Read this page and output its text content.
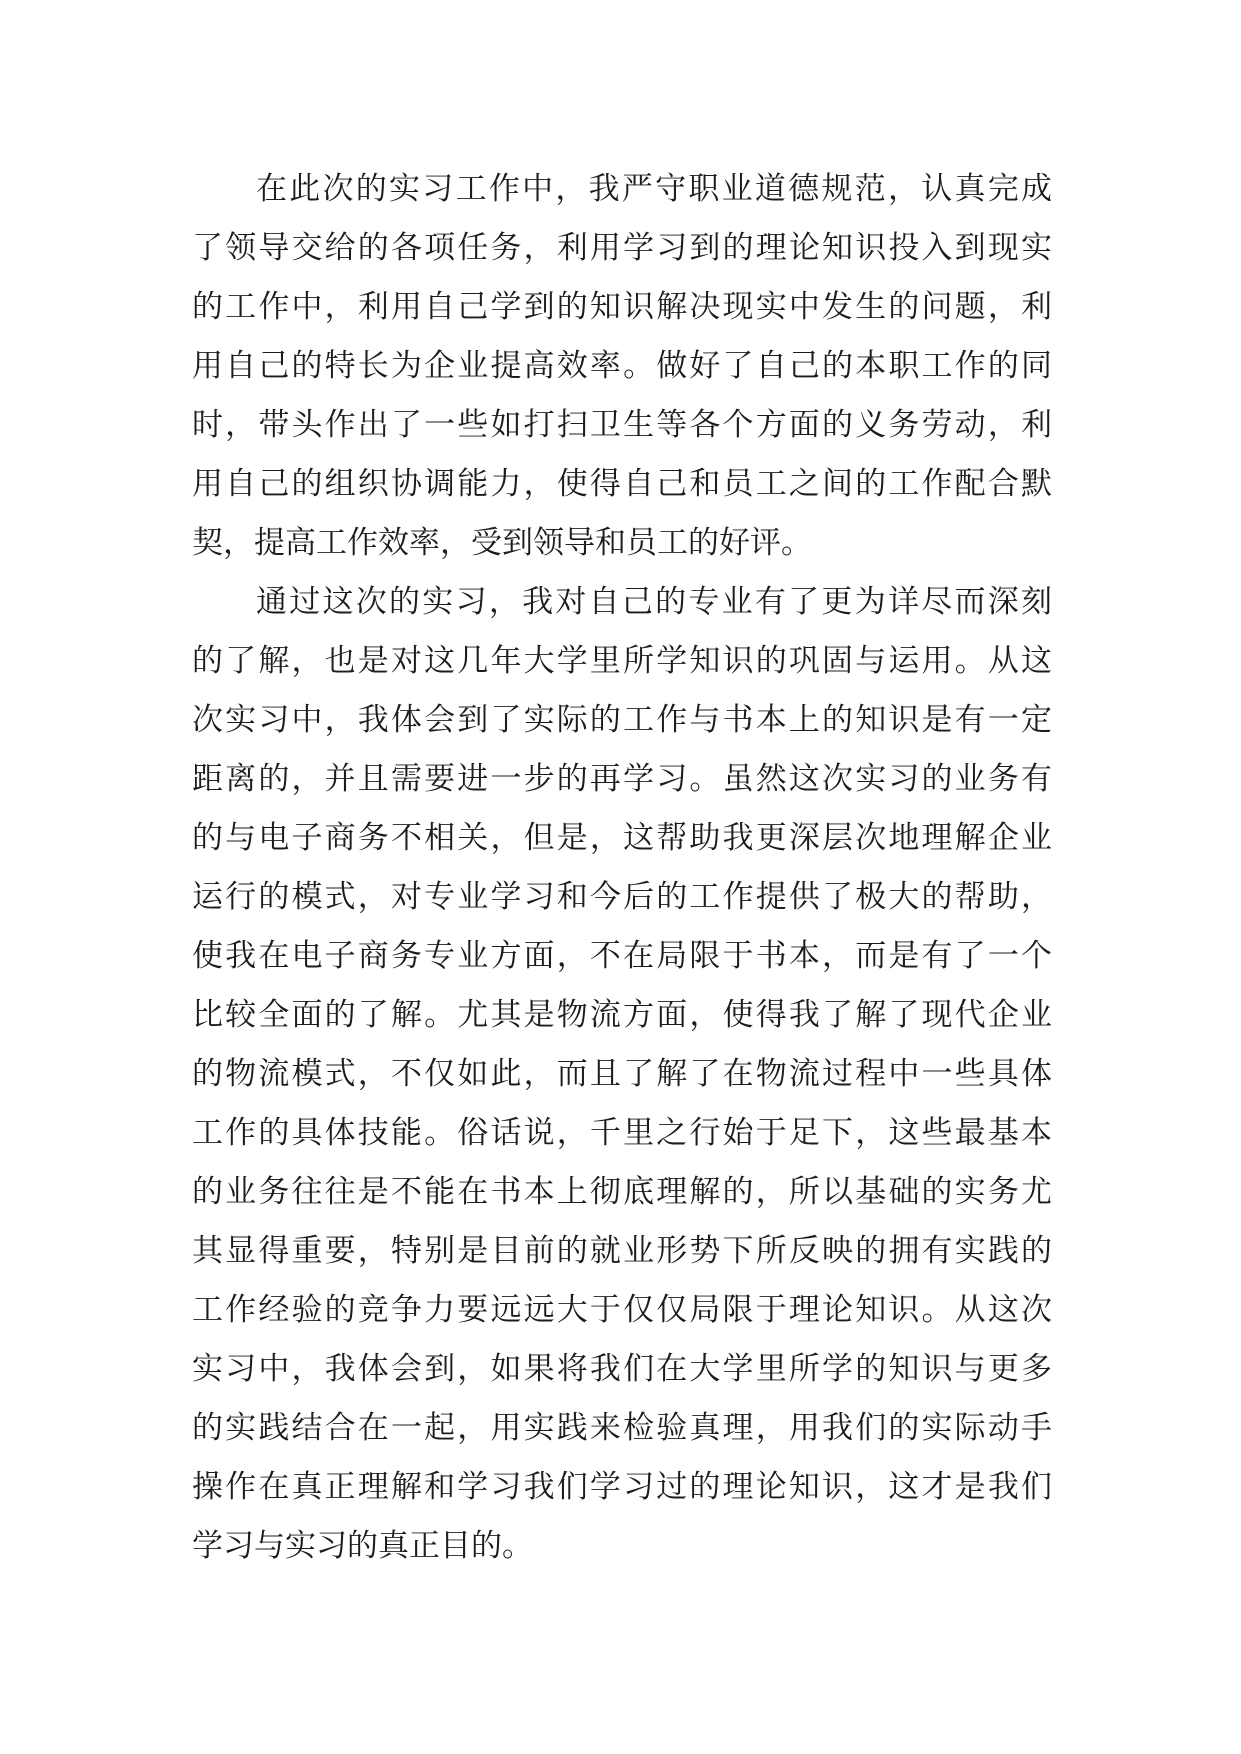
在此次的实习工作中，我严守职业道德规范，认真完成
了领导交给的各项任务，利用学习到的理论知识投入到现实
的工作中，利用自己学到的知识解决现实中发生的问题，利
用自己的特长为企业提高效率。做好了自己的本职工作的同
时，带头作出了一些如打扫卫生等各个方面的义务劳动，利
用自己的组织协调能力，使得自己和员工之间的工作配合默
契，提高工作效率，受到领导和员工的好评。
通过这次的实习，我对自己的专业有了更为详尽而深刻
的了解，也是对这几年大学里所学知识的巩固与运用。从这
次实习中，我体会到了实际的工作与书本上的知识是有一定
距离的，并且需要进一步的再学习。虽然这次实习的业务有
的与电子商务不相关，但是，这帮助我更深层次地理解企业
运行的模式，对专业学习和今后的工作提供了极大的帮助，
使我在电子商务专业方面，不在局限于书本，而是有了一个
比较全面的了解。尤其是物流方面，使得我了解了现代企业
的物流模式，不仅如此，而且了解了在物流过程中一些具体
工作的具体技能。俗话说，千里之行始于足下，这些最基本
的业务往往是不能在书本上彻底理解的，所以基础的实务尤
其显得重要，特别是目前的就业形势下所反映的拥有实践的
工作经验的竞争力要远远大于仅仅局限于理论知识。从这次
实习中，我体会到，如果将我们在大学里所学的知识与更多
的实践结合在一起，用实践来检验真理，用我们的实际动手
操作在真正理解和学习我们学习过的理论知识，这才是我们
学习与实习的真正目的。
